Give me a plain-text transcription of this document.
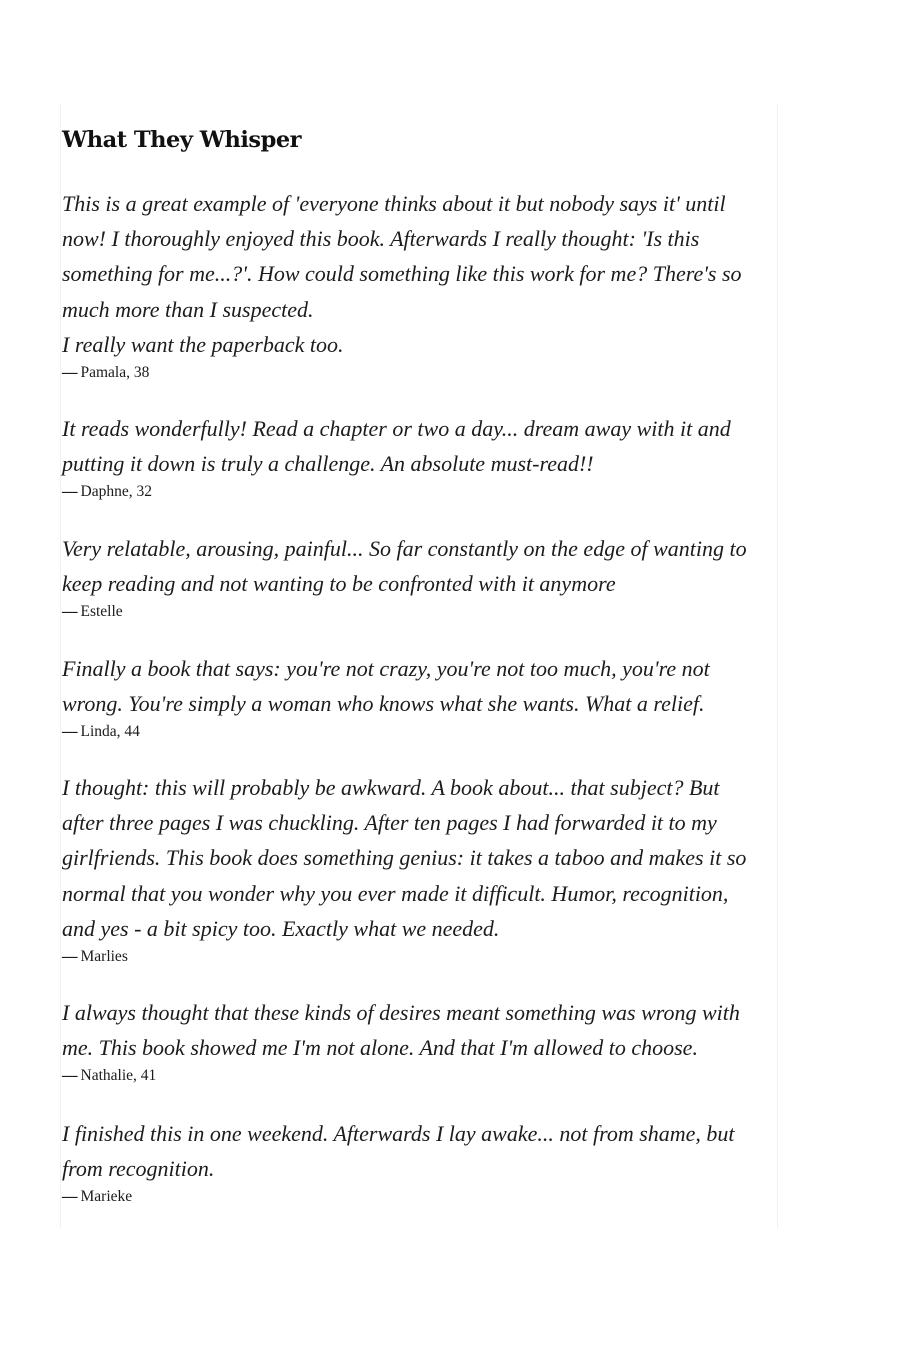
What They Whisper

This is a great example of 'everyone thinks about it but nobody says it' until
now! I thoroughly enjoyed this book. Afterwards I really thought: 'Is this
something for me...?'. How could something like this work for me? There's so
much more than I suspected.
I really want the paperback too.

— Pamala, 38

It reads wonderfully! Read a chapter or two a day... dream away with it and
putting it down is truly a challenge. An absolute must-read!!

— Daphne, 32

Very relatable, arousing, painful... So far constantly on the edge of wanting to
keep reading and not wanting to be confronted with it anymore

— Estelle

Finally a book that says: you're not crazy, you're not too much, you're not
wrong. You're simply a woman who knows what she wants. What a relief.

— Linda, 44

I thought: this will probably be awkward. A book about... that subject? But
after three pages I was chuckling. After ten pages I had forwarded it to my
girlfriends. This book does something genius: it takes a taboo and makes it so
normal that you wonder why you ever made it difficult. Humor, recognition,
and yes - a bit spicy too. Exactly what we needed.

— Marlies

I always thought that these kinds of desires meant something was wrong with
me. This book showed me I'm not alone. And that I'm allowed to choose.

— Nathalie, 41

I finished this in one weekend. Afterwards I lay awake... not from shame, but
from recognition.

— Marieke
